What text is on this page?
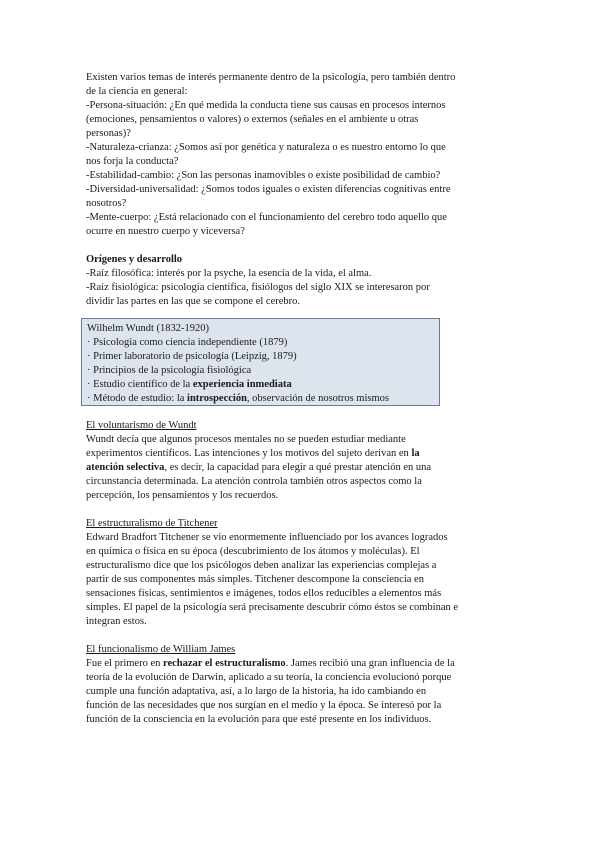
Existen varios temas de interés permanente dentro de la psicología, pero también dentro
de la ciencia en general:
-Persona-situación: ¿En qué medida la conducta tiene sus causas en procesos internos
(emociones, pensamientos o valores) o externos (señales en el ambiente u otras
personas)?
-Naturaleza-crianza: ¿Somos así por genética y naturaleza o es nuestro entorno lo que
nos forja la conducta?
-Estabilidad-cambio: ¿Son las personas inamovibles o existe posibilidad de cambio?
-Diversidad-universalidad: ¿Somos todos iguales o existen diferencias cognitivas entre
nosotros?
-Mente-cuerpo: ¿Está relacionado con el funcionamiento del cerebro todo aquello que
ocurre en nuestro cuerpo y viceversa?
Orígenes y desarrollo
-Raíz filosófica: interés por la psyche, la esencia de la vida, el alma.
-Raíz fisiológica: psicología científica, fisiólogos del siglo XIX se interesaron por
dividir las partes en las que se compone el cerebro.
Wilhelm Wundt (1832-1920)
· Psicología como ciencia independiente (1879)
· Primer laboratorio de psicología (Leipzig, 1879)
· Principios de la psicología fisiológica
· Estudio científico de la experiencia inmediata
· Método de estudio: la introspección, observación de nosotros mismos
El voluntarismo de Wundt
Wundt decía que algunos procesos mentales no se pueden estudiar mediante
experimentos científicos. Las intenciones y los motivos del sujeto derivan en la
atención selectiva, es decir, la capacidad para elegir a qué prestar atención en una
circunstancia determinada. La atención controla también otros aspectos como la
percepción, los pensamientos y los recuerdos.
El estructuralismo de Titchener
Edward Bradfort Titchener se vio enormemente influenciado por los avances logrados
en química o física en su época (descubrimiento de los átomos y moléculas). El
estructuralismo dice que los psicólogos deben analizar las experiencias complejas a
partir de sus componentes más simples. Titchener descompone la consciencia en
sensaciones físicas, sentimientos e imágenes, todos ellos reducibles a elementos más
simples. El papel de la psicología será precisamente descubrir cómo éstos se combinan e
integran estos.
El funcionalismo de William James
Fue el primero en rechazar el estructuralismo. James recibió una gran influencia de la
teoría de la evolución de Darwin, aplicado a su teoría, la conciencia evolucionó porque
cumple una función adaptativa, así, a lo largo de la historia, ha ido cambiando en
función de las necesidades que nos surgían en el medio y la época. Se interesó por la
función de la consciencia en la evolución para que esté presente en los individuos.
